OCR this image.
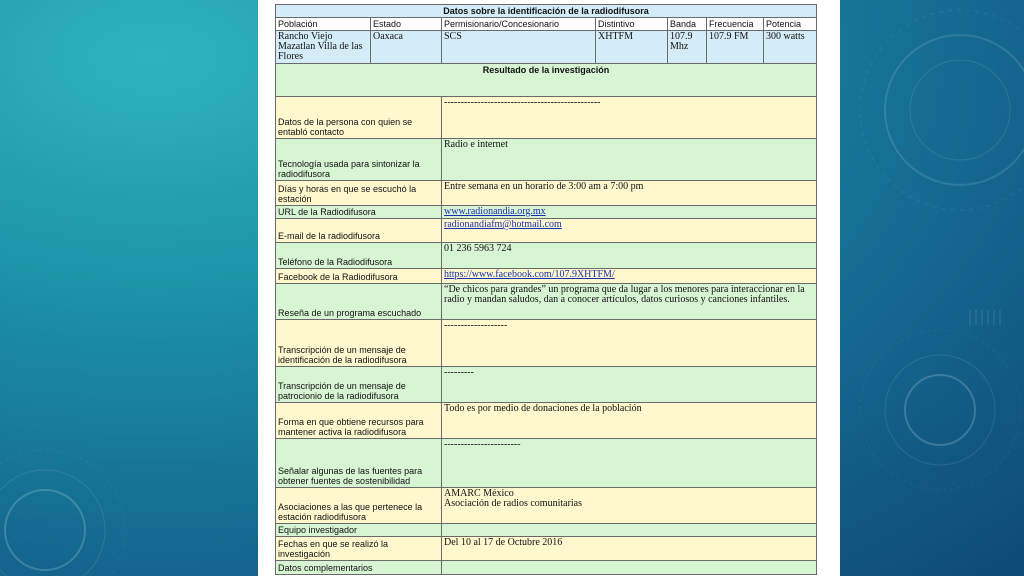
Datos sobre la identificación de la radiodifusora						
Población	Estado	Permisionario/Concesionario	Distintivo	Banda	Frecuencia	Potencia
Rancho Viejo Mazatlan Villa de las Flores	Oaxaca	SCS	XHTFM	107.9 Mhz	107.9 FM	300 watts
Resultado de la investigación						
Datos de la persona con quien se entabló contacto		-----------------------------------------------				
Tecnología usada para sintonizar la radiodifusora		Radio e internet				
Días y horas en que se escuchó la estación		Entre semana en un horario de 3:00 am a 7:00 pm				
URL de la Radiodifusora		www.radionandia.org.mx				
E-mail de la radiodifusora		radionandiafm@hotmail.com				
Teléfono de la Radiodifusora		01 236 5963 724				
Facebook de la Radiodifusora		https://www.facebook.com/107.9XHTFM/				
Reseña de un programa escuchado		“De chicos para grandes” un programa que da lugar a los menores para interaccionar en la radio y mandan saludos, dan a conocer artículos, datos curiosos y canciones infantiles.				
Transcripción de un mensaje de identificación de la radiodifusora		-------------------				
Transcripción de un mensaje de patrocionio de la radiodifusora		---------				
Forma en que obtiene recursos para mantener activa la radiodifusora		Todo es por medio de donaciones de la población				
Señalar algunas de las fuentes para obtener fuentes de sostenibilidad		-----------------------				
Asociaciones a las que pertenece la estación radiodifusora		AMARC México
Asociación de radios comunitarias				
Equipo investigador						
Fechas en que se realizó la investigación		Del 10 al 17 de Octubre 2016				
Datos complementarios						
